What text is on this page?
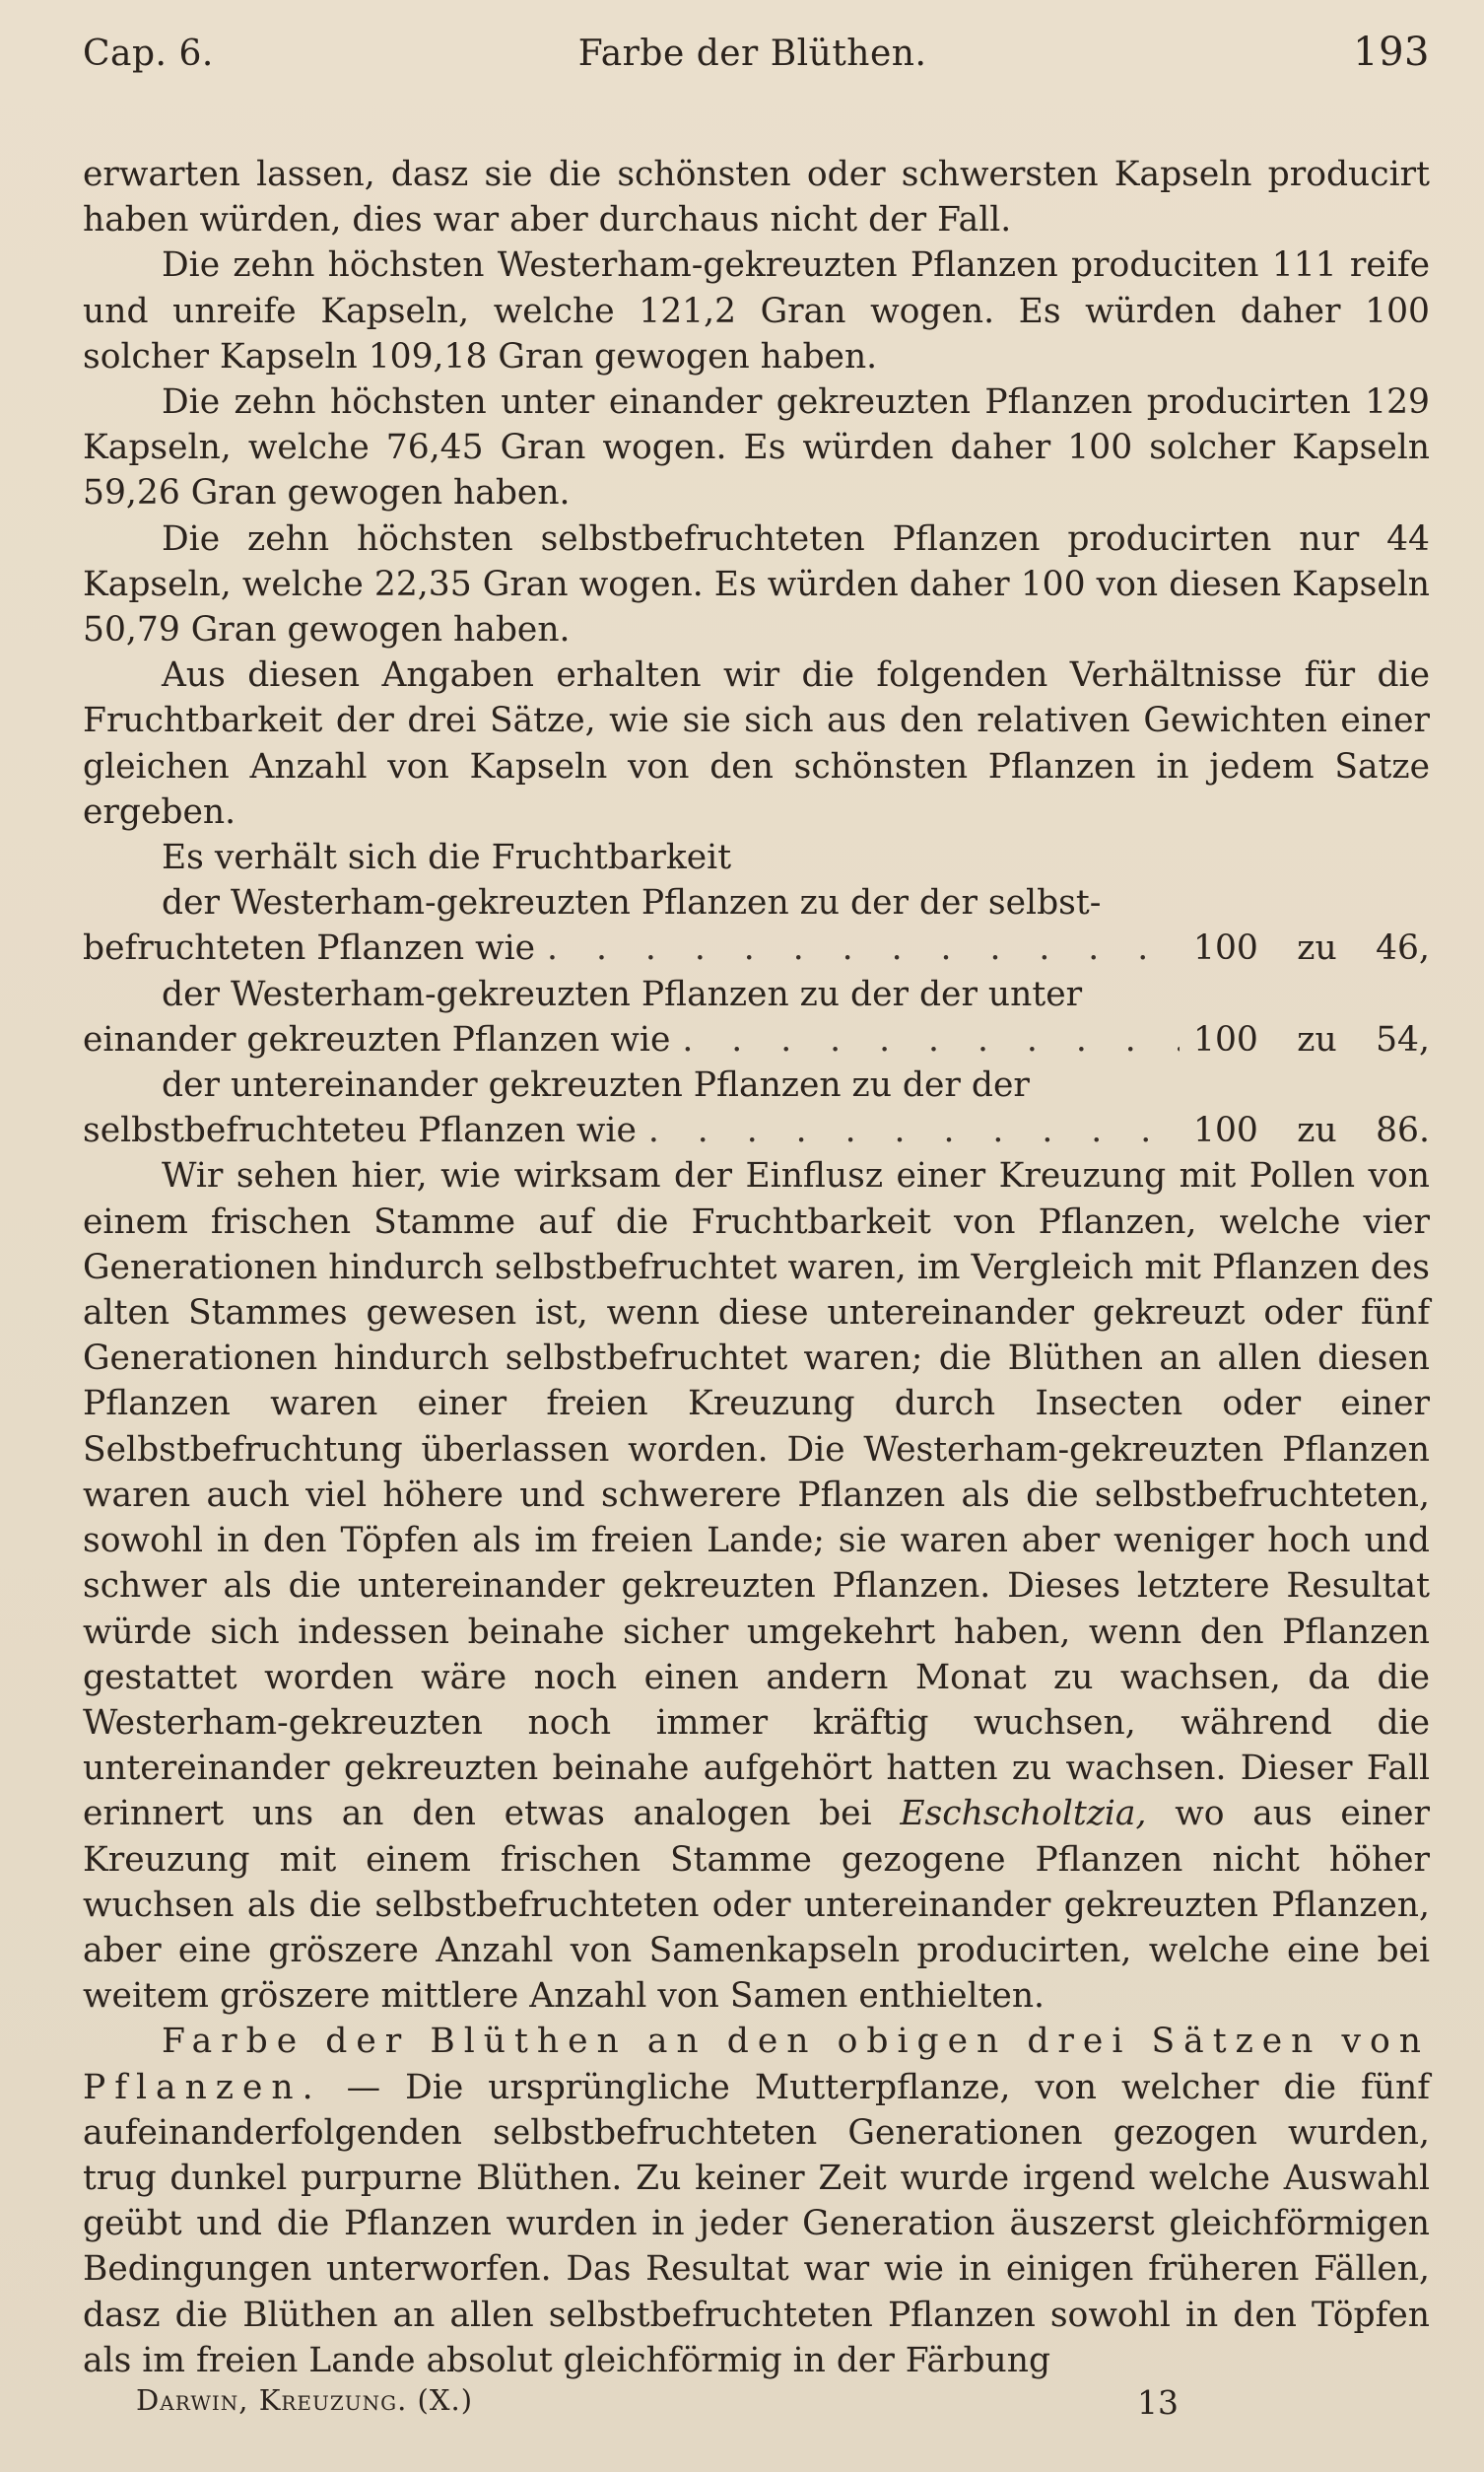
Cap. 6.	Farbe der Blüthen.	193

erwarten lassen, dasz sie die schönsten oder schwersten Kapseln producirt haben würden, dies war aber durchaus nicht der Fall.

Die zehn höchsten Westerham-gekreuzten Pflanzen produciten 111 reife und unreife Kapseln, welche 121,2 Gran wogen. Es würden daher 100 solcher Kapseln 109,18 Gran gewogen haben.

Die zehn höchsten unter einander gekreuzten Pflanzen producirten 129 Kapseln, welche 76,45 Gran wogen. Es würden daher 100 solcher Kapseln 59,26 Gran gewogen haben.

Die zehn höchsten selbstbefruchteten Pflanzen producirten nur 44 Kapseln, welche 22,35 Gran wogen. Es würden daher 100 von diesen Kapseln 50,79 Gran gewogen haben.

Aus diesen Angaben erhalten wir die folgenden Verhältnisse für die Fruchtbarkeit der drei Sätze, wie sie sich aus den relativen Gewichten einer gleichen Anzahl von Kapseln von den schönsten Pflanzen in jedem Satze ergeben.

Es verhält sich die Fruchtbarkeit

der Westerham-gekreuzten Pflanzen zu der der selbst-

befruchteten Pflanzen wie . . .	100 zu 46,

der Westerham-gekreuzten Pflanzen zu der der unter

einander gekreuzten Pflanzen wie . . .	100 zu 54,

der untereinander gekreuzten Pflanzen zu der der

selbstbefruchteteu Pflanzen wie . . .	100 zu 86.

Wir sehen hier, wie wirksam der Einflusz einer Kreuzung mit Pollen von einem frischen Stamme auf die Fruchtbarkeit von Pflanzen, welche vier Generationen hindurch selbstbefruchtet waren, im Vergleich mit Pflanzen des alten Stammes gewesen ist, wenn diese untereinander gekreuzt oder fünf Generationen hindurch selbstbefruchtet waren; die Blüthen an allen diesen Pflanzen waren einer freien Kreuzung durch Insecten oder einer Selbstbefruchtung überlassen worden. Die Westerham-gekreuzten Pflanzen waren auch viel höhere und schwerere Pflanzen als die selbstbefruchteten, sowohl in den Töpfen als im freien Lande; sie waren aber weniger hoch und schwer als die untereinander gekreuzten Pflanzen. Dieses letztere Resultat würde sich indessen beinahe sicher umgekehrt haben, wenn den Pflanzen gestattet worden wäre noch einen andern Monat zu wachsen, da die Westerham-gekreuzten noch immer kräftig wuchsen, während die untereinander gekreuzten beinahe aufgehört hatten zu wachsen. Dieser Fall erinnert uns an den etwas analogen bei Eschscholtzia, wo aus einer Kreuzung mit einem frischen Stamme gezogene Pflanzen nicht höher wuchsen als die selbstbefruchteten oder untereinander gekreuzten Pflanzen, aber eine gröszere Anzahl von Samenkapseln producirten, welche eine bei weitem gröszere mittlere Anzahl von Samen enthielten.

Farbe der Blüthen an den obigen drei Sätzen von Pflanzen. — Die ursprüngliche Mutterpflanze, von welcher die fünf aufeinanderfolgenden selbstbefruchteten Generationen gezogen wurden, trug dunkel purpurne Blüthen. Zu keiner Zeit wurde irgend welche Auswahl geübt und die Pflanzen wurden in jeder Generation äuszerst gleichförmigen Bedingungen unterworfen. Das Resultat war wie in einigen früheren Fällen, dasz die Blüthen an allen selbstbefruchteten Pflanzen sowohl in den Töpfen als im freien Lande absolut gleichförmig in der Färbung

Darwin, Kreuzung. (X.)	13
